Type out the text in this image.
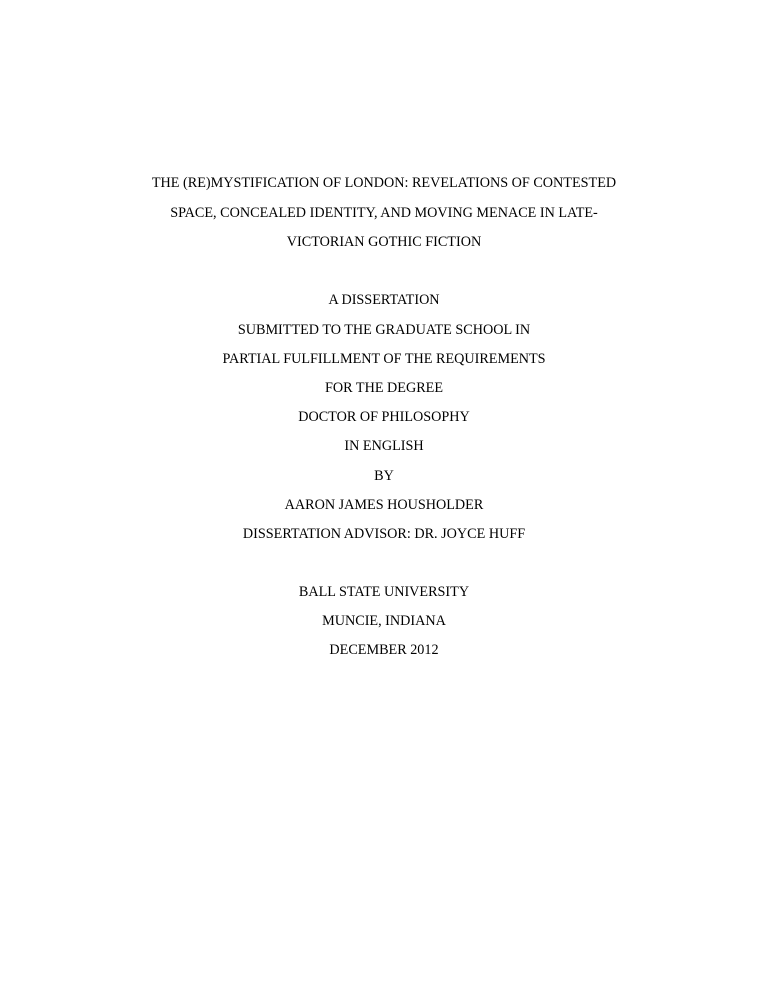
THE (RE)MYSTIFICATION OF LONDON: REVELATIONS OF CONTESTED
SPACE, CONCEALED IDENTITY, AND MOVING MENACE IN LATE-
VICTORIAN GOTHIC FICTION
A DISSERTATION
SUBMITTED TO THE GRADUATE SCHOOL IN
PARTIAL FULFILLMENT OF THE REQUIREMENTS
FOR THE DEGREE
DOCTOR OF PHILOSOPHY
IN ENGLISH
BY
AARON JAMES HOUSHOLDER
DISSERTATION ADVISOR: DR. JOYCE HUFF
BALL STATE UNIVERSITY
MUNCIE, INDIANA
DECEMBER 2012
